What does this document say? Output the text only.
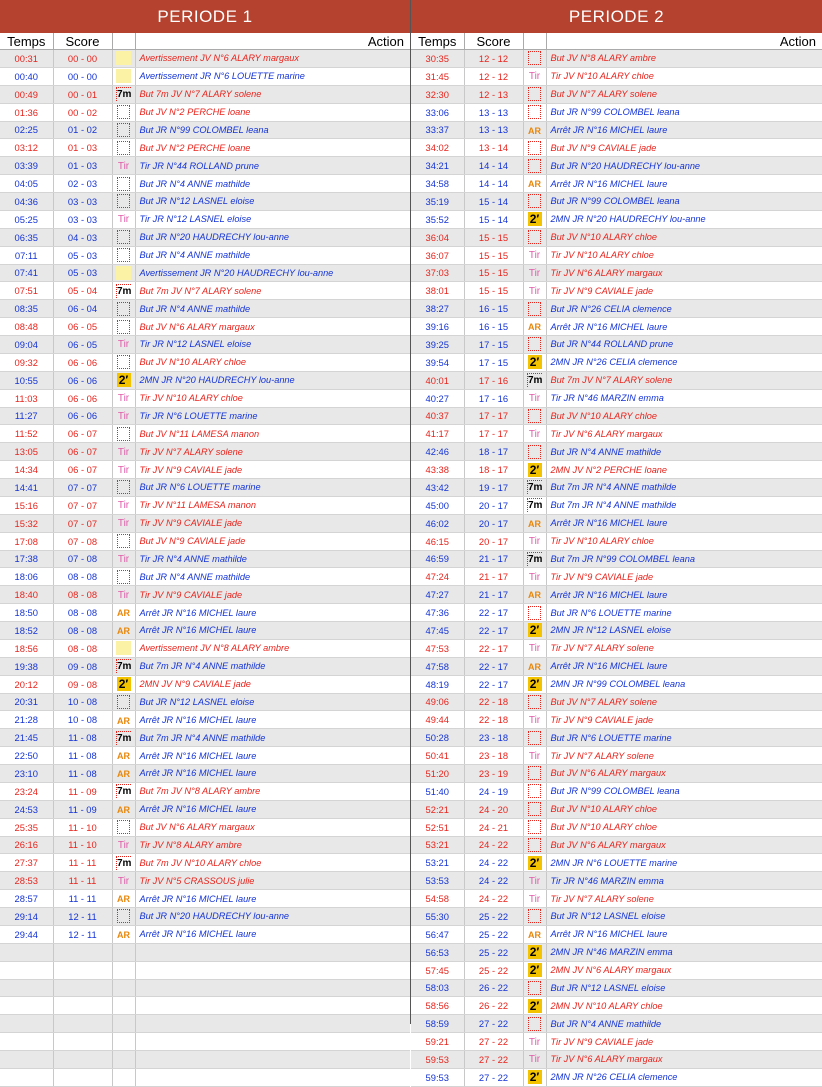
PERIODE 1
Temps	Score		Action
00:31	00 - 00		Avertissement JV N°6 ALARY margaux
00:40	00 - 00		Avertissement JR N°6 LOUETTE marine
00:49	00 - 01	7m	But 7m JV N°7 ALARY solene
01:36	00 - 02		But JV N°2 PERCHE loane
02:25	01 - 02		But JR N°99 COLOMBEL leana
03:12	01 - 03		But JV N°2 PERCHE loane
03:39	01 - 03	Tir	Tir JR N°44 ROLLAND prune
04:05	02 - 03		But JR N°4 ANNE mathilde
04:36	03 - 03		But JR N°12 LASNEL eloise
05:25	03 - 03	Tir	Tir JR N°12 LASNEL eloise
06:35	04 - 03		But JR N°20 HAUDRECHY lou-anne
07:11	05 - 03		But JR N°4 ANNE mathilde
07:41	05 - 03		Avertissement JR N°20 HAUDRECHY lou-anne
07:51	05 - 04	7m	But 7m JV N°7 ALARY solene
08:35	06 - 04		But JR N°4 ANNE mathilde
08:48	06 - 05		But JV N°6 ALARY margaux
09:04	06 - 05	Tir	Tir JR N°12 LASNEL eloise
09:32	06 - 06		But JV N°10 ALARY chloe
10:55	06 - 06	2′	2MN JR N°20 HAUDRECHY lou-anne
11:03	06 - 06	Tir	Tir JV N°10 ALARY chloe
11:27	06 - 06	Tir	Tir JR N°6 LOUETTE marine
11:52	06 - 07		But JV N°11 LAMESA manon
13:05	06 - 07	Tir	Tir JV N°7 ALARY solene
14:34	06 - 07	Tir	Tir JV N°9 CAVIALE jade
14:41	07 - 07		But JR N°6 LOUETTE marine
15:16	07 - 07	Tir	Tir JV N°11 LAMESA manon
15:32	07 - 07	Tir	Tir JV N°9 CAVIALE jade
17:08	07 - 08		But JV N°9 CAVIALE jade
17:38	07 - 08	Tir	Tir JR N°4 ANNE mathilde
18:06	08 - 08		But JR N°4 ANNE mathilde
18:40	08 - 08	Tir	Tir JV N°9 CAVIALE jade
18:50	08 - 08	AR	Arrêt JR N°16 MICHEL laure
18:52	08 - 08	AR	Arrêt JR N°16 MICHEL laure
18:56	08 - 08		Avertissement JV N°8 ALARY ambre
19:38	09 - 08	7m	But 7m JR N°4 ANNE mathilde
20:12	09 - 08	2′	2MN JV N°9 CAVIALE jade
20:31	10 - 08		But JR N°12 LASNEL eloise
21:28	10 - 08	AR	Arrêt JR N°16 MICHEL laure
21:45	11 - 08	7m	But 7m JR N°4 ANNE mathilde
22:50	11 - 08	AR	Arrêt JR N°16 MICHEL laure
23:10	11 - 08	AR	Arrêt JR N°16 MICHEL laure
23:24	11 - 09	7m	But 7m JV N°8 ALARY ambre
24:53	11 - 09	AR	Arrêt JR N°16 MICHEL laure
25:35	11 - 10		But JV N°6 ALARY margaux
26:16	11 - 10	Tir	Tir JV N°8 ALARY ambre
27:37	11 - 11	7m	But 7m JV N°10 ALARY chloe
28:53	11 - 11	Tir	Tir JV N°5 CRASSOUS julie
28:57	11 - 11	AR	Arrêt JR N°16 MICHEL laure
29:14	12 - 11		But JR N°20 HAUDRECHY lou-anne
29:44	12 - 11	AR	Arrêt JR N°16 MICHEL laure

PERIODE 2
Temps	Score		Action
30:35	12 - 12		But JV N°8 ALARY ambre
31:45	12 - 12	Tir	Tir JV N°10 ALARY chloe
32:30	12 - 13		But JV N°7 ALARY solene
33:06	13 - 13		But JR N°99 COLOMBEL leana
33:37	13 - 13	AR	Arrêt JR N°16 MICHEL laure
34:02	13 - 14		But JV N°9 CAVIALE jade
34:21	14 - 14		But JR N°20 HAUDRECHY lou-anne
34:58	14 - 14	AR	Arrêt JR N°16 MICHEL laure
35:19	15 - 14		But JR N°99 COLOMBEL leana
35:52	15 - 14	2′	2MN JR N°20 HAUDRECHY lou-anne
36:04	15 - 15		But JV N°10 ALARY chloe
36:07	15 - 15	Tir	Tir JV N°10 ALARY chloe
37:03	15 - 15	Tir	Tir JV N°6 ALARY margaux
38:01	15 - 15	Tir	Tir JV N°9 CAVIALE jade
38:27	16 - 15		But JR N°26 CELIA clemence
39:16	16 - 15	AR	Arrêt JR N°16 MICHEL laure
39:25	17 - 15		But JR N°44 ROLLAND prune
39:54	17 - 15	2′	2MN JR N°26 CELIA clemence
40:01	17 - 16	7m	But 7m JV N°7 ALARY solene
40:27	17 - 16	Tir	Tir JR N°46 MARZIN emma
40:37	17 - 17		But JV N°10 ALARY chloe
41:17	17 - 17	Tir	Tir JV N°6 ALARY margaux
42:46	18 - 17		But JR N°4 ANNE mathilde
43:38	18 - 17	2′	2MN JV N°2 PERCHE loane
43:42	19 - 17	7m	But 7m JR N°4 ANNE mathilde
45:00	20 - 17	7m	But 7m JR N°4 ANNE mathilde
46:02	20 - 17	AR	Arrêt JR N°16 MICHEL laure
46:15	20 - 17	Tir	Tir JV N°10 ALARY chloe
46:59	21 - 17	7m	But 7m JR N°99 COLOMBEL leana
47:24	21 - 17	Tir	Tir JV N°9 CAVIALE jade
47:27	21 - 17	AR	Arrêt JR N°16 MICHEL laure
47:36	22 - 17		But JR N°6 LOUETTE marine
47:45	22 - 17	2′	2MN JR N°12 LASNEL eloise
47:53	22 - 17	Tir	Tir JV N°7 ALARY solene
47:58	22 - 17	AR	Arrêt JR N°16 MICHEL laure
48:19	22 - 17	2′	2MN JR N°99 COLOMBEL leana
49:06	22 - 18		But JV N°7 ALARY solene
49:44	22 - 18	Tir	Tir JV N°9 CAVIALE jade
50:28	23 - 18		But JR N°6 LOUETTE marine
50:41	23 - 18	Tir	Tir JV N°7 ALARY solene
51:20	23 - 19		But JV N°6 ALARY margaux
51:40	24 - 19		But JR N°99 COLOMBEL leana
52:21	24 - 20		But JV N°10 ALARY chloe
52:51	24 - 21		But JV N°10 ALARY chloe
53:21	24 - 22		But JV N°6 ALARY margaux
53:21	24 - 22	2′	2MN JR N°6 LOUETTE marine
53:53	24 - 22	Tir	Tir JR N°46 MARZIN emma
54:58	24 - 22	Tir	Tir JV N°7 ALARY solene
55:30	25 - 22		But JR N°12 LASNEL eloise
56:47	25 - 22	AR	Arrêt JR N°16 MICHEL laure
56:53	25 - 22	2′	2MN JR N°46 MARZIN emma
57:45	25 - 22	2′	2MN JV N°6 ALARY margaux
58:03	26 - 22		But JR N°12 LASNEL eloise
58:56	26 - 22	2′	2MN JV N°10 ALARY chloe
58:59	27 - 22		But JR N°4 ANNE mathilde
59:21	27 - 22	Tir	Tir JV N°9 CAVIALE jade
59:53	27 - 22	Tir	Tir JV N°6 ALARY margaux
59:53	27 - 22	2′	2MN JR N°26 CELIA clemence
